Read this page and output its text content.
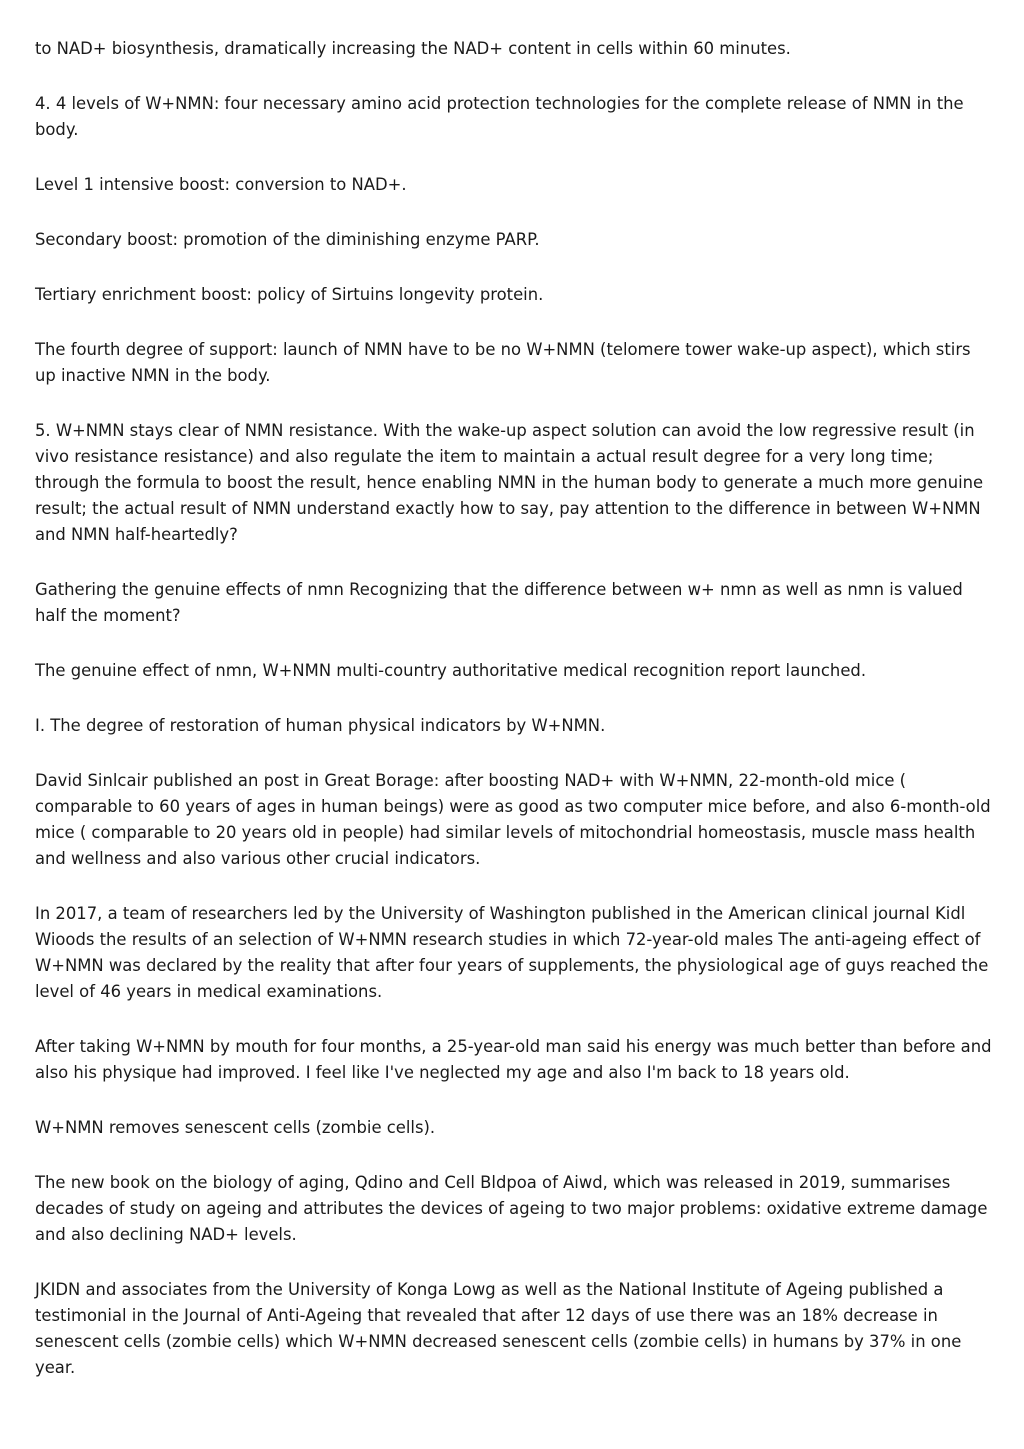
to NAD+ biosynthesis, dramatically increasing the NAD+ content in cells within 60 minutes.

4. 4 levels of W+NMN: four necessary amino acid protection technologies for the complete release of NMN in the body.

Level 1 intensive boost: conversion to NAD+.

Secondary boost: promotion of the diminishing enzyme PARP.

Tertiary enrichment boost: policy of Sirtuins longevity protein.

The fourth degree of support: launch of NMN have to be no W+NMN (telomere tower wake-up aspect), which stirs up inactive NMN in the body.

5. W+NMN stays clear of NMN resistance. With the wake-up aspect solution can avoid the low regressive result (in vivo resistance resistance) and also regulate the item to maintain a actual result degree for a very long time; through the formula to boost the result, hence enabling NMN in the human body to generate a much more genuine result; the actual result of NMN understand exactly how to say, pay attention to the difference in between W+NMN and NMN half-heartedly?

Gathering the genuine effects of nmn Recognizing that the difference between w+ nmn as well as nmn is valued half the moment?

The genuine effect of nmn, W+NMN multi-country authoritative medical recognition report launched.

I. The degree of restoration of human physical indicators by W+NMN.

David Sinlcair published an post in Great Borage: after boosting NAD+ with W+NMN, 22-month-old mice ( comparable to 60 years of ages in human beings) were as good as two computer mice before, and also 6-month-old mice ( comparable to 20 years old in people) had similar levels of mitochondrial homeostasis, muscle mass health and wellness and also various other crucial indicators.

In 2017, a team of researchers led by the University of Washington published in the American clinical journal Kidl Wioods the results of an selection of W+NMN research studies in which 72-year-old males The anti-ageing effect of W+NMN was declared by the reality that after four years of supplements, the physiological age of guys reached the level of 46 years in medical examinations.

After taking W+NMN by mouth for four months, a 25-year-old man said his energy was much better than before and also his physique had improved. I feel like I've neglected my age and also I'm back to 18 years old.

W+NMN removes senescent cells (zombie cells).

The new book on the biology of aging, Qdino and Cell Bldpoa of Aiwd, which was released in 2019, summarises decades of study on ageing and attributes the devices of ageing to two major problems: oxidative extreme damage and also declining NAD+ levels.

JKIDN and associates from the University of Konga Lowg as well as the National Institute of Ageing published a testimonial in the Journal of Anti-Ageing that revealed that after 12 days of use there was an 18% decrease in senescent cells (zombie cells) which W+NMN decreased senescent cells (zombie cells) in humans by 37% in one year.
